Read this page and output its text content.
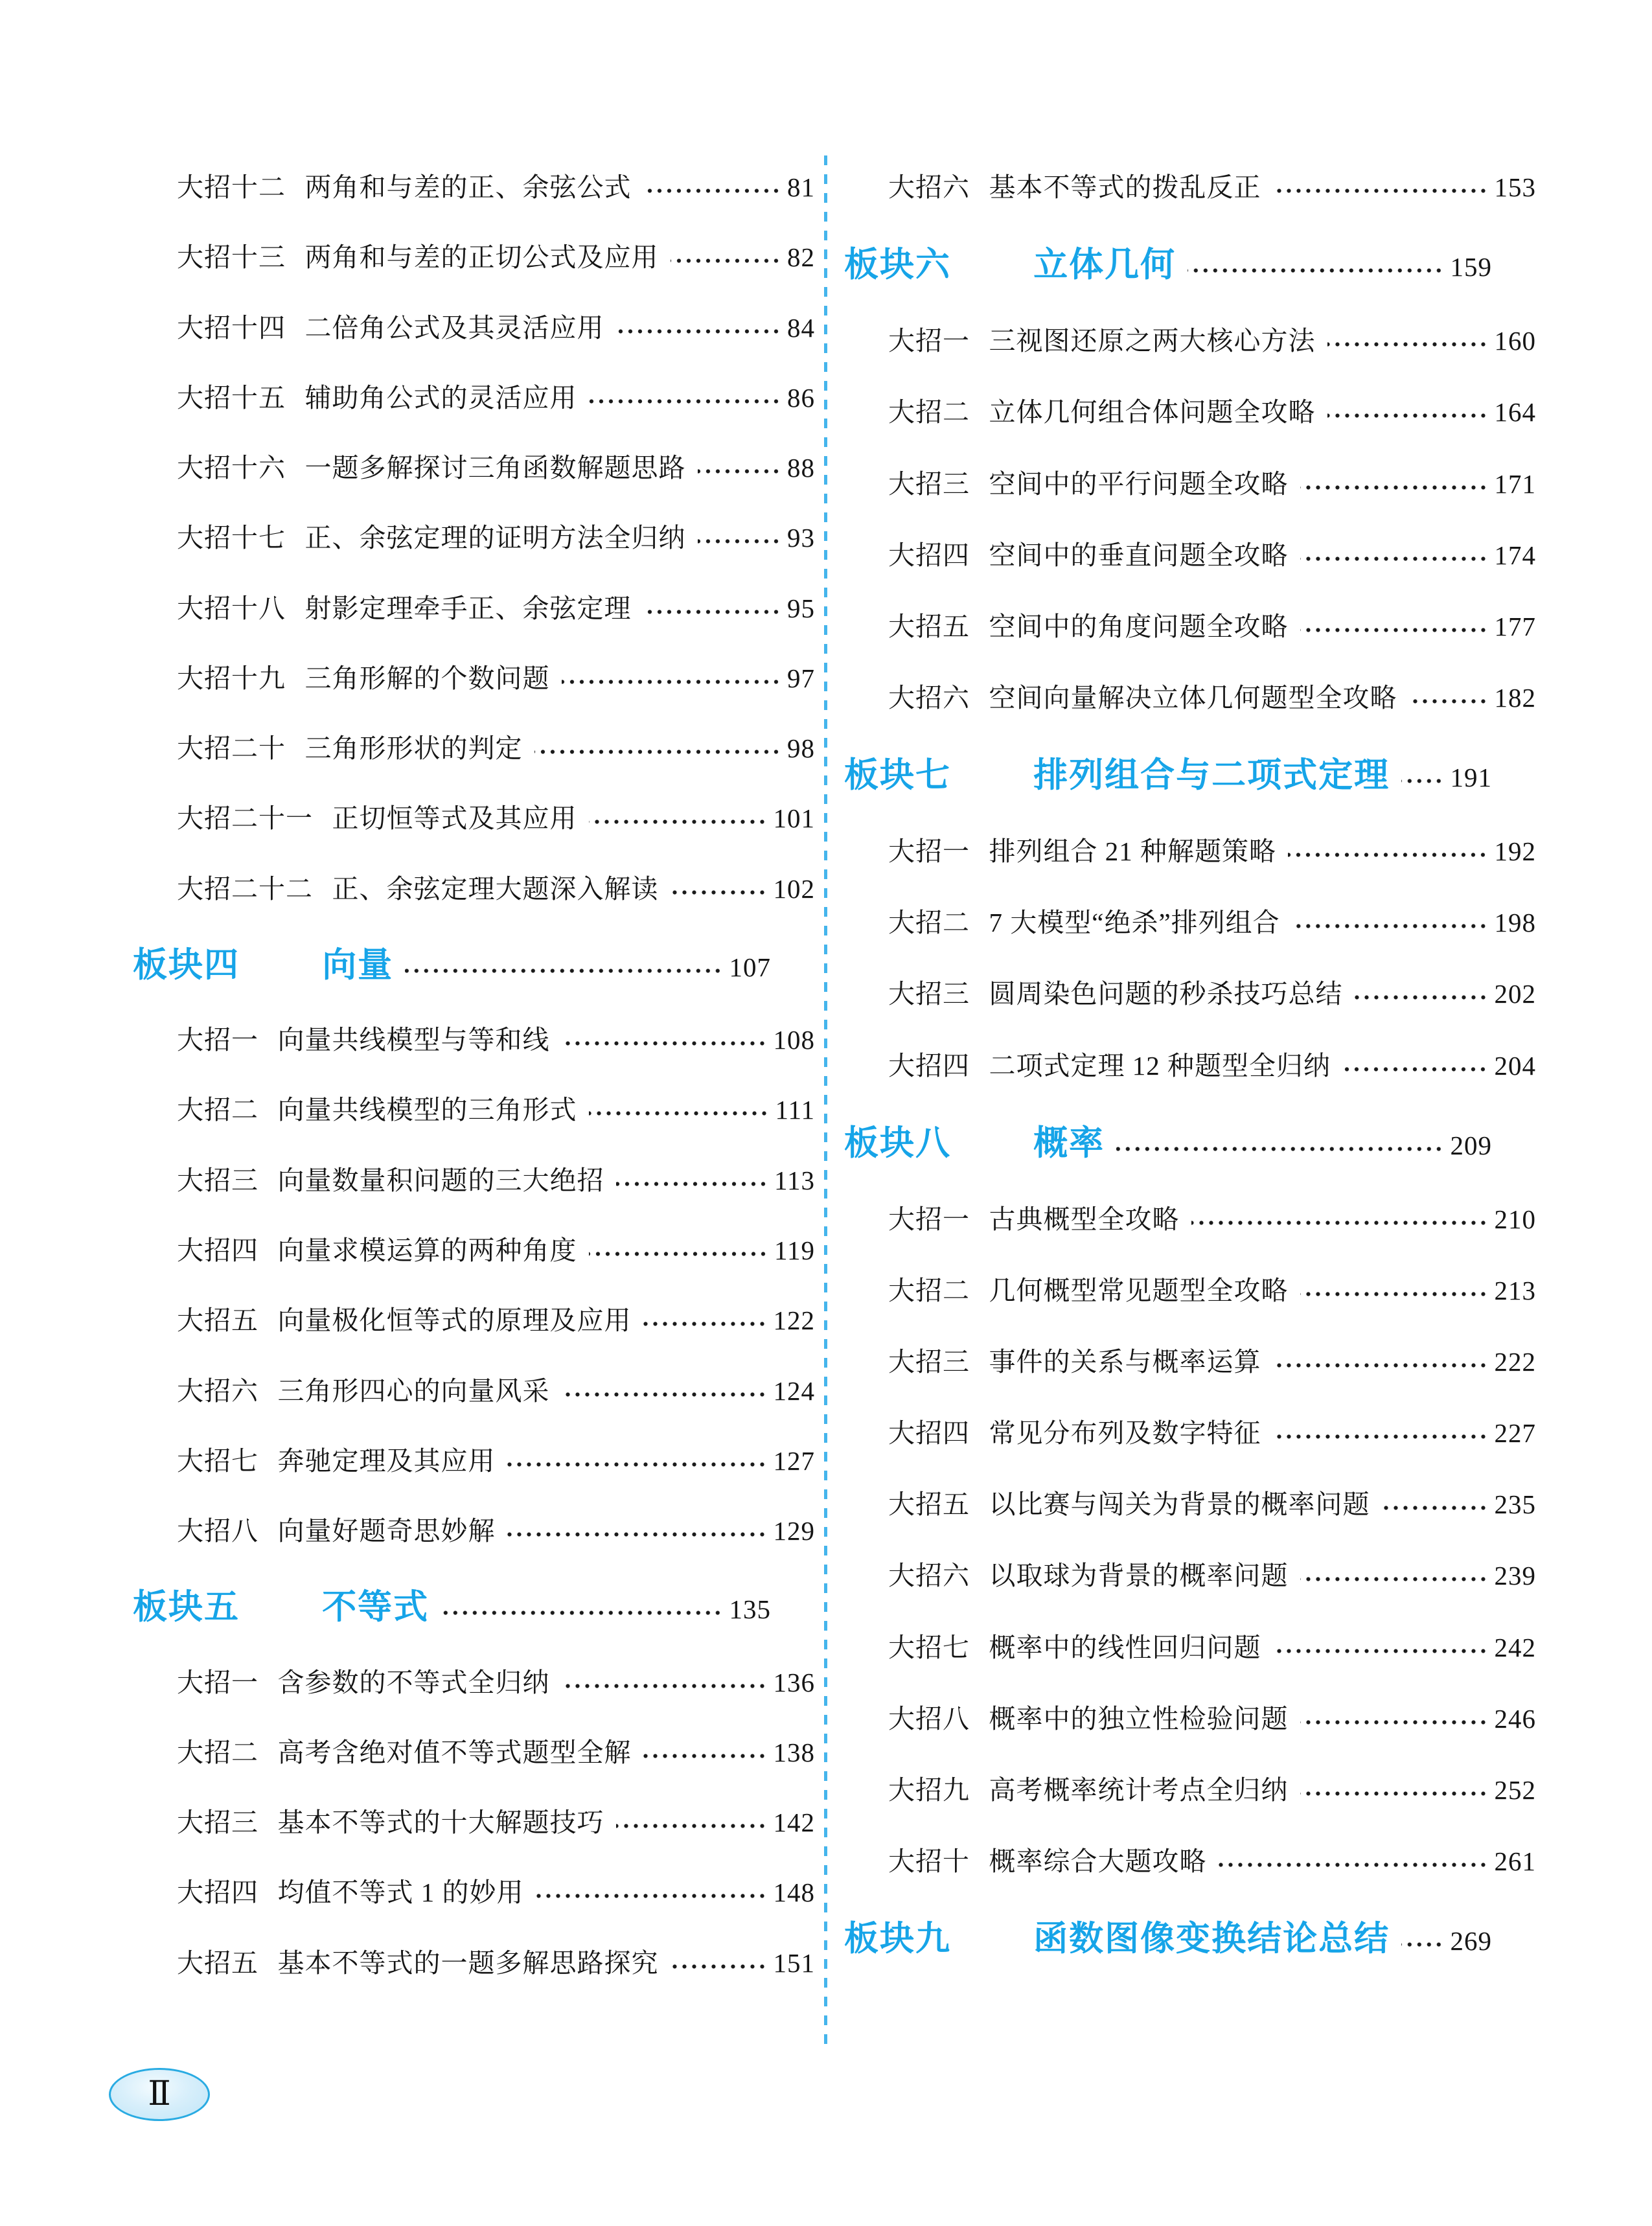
大招十二 两角和与差的正、余弦公式	81
大招十三 两角和与差的正切公式及应用	82
大招十四 二倍角公式及其灵活应用	84
大招十五 辅助角公式的灵活应用	86
大招十六 一题多解探讨三角函数解题思路	88
大招十七 正、余弦定理的证明方法全归纳	93
大招十八 射影定理牵手正、余弦定理	95
大招十九 三角形解的个数问题	97
大招二十 三角形形状的判定	98
大招二十一 正切恒等式及其应用	101
大招二十二 正、余弦定理大题深入解读	102
板块四 向量	107
大招一 向量共线模型与等和线	108
大招二 向量共线模型的三角形式	111
大招三 向量数量积问题的三大绝招	113
大招四 向量求模运算的两种角度	119
大招五 向量极化恒等式的原理及应用	122
大招六 三角形四心的向量风采	124
大招七 奔驰定理及其应用	127
大招八 向量好题奇思妙解	129
板块五 不等式	135
大招一 含参数的不等式全归纳	136
大招二 高考含绝对值不等式题型全解	138
大招三 基本不等式的十大解题技巧	142
大招四 均值不等式 1 的妙用	148
大招五 基本不等式的一题多解思路探究	151
大招六 基本不等式的拨乱反正	153
板块六 立体几何	159
大招一 三视图还原之两大核心方法	160
大招二 立体几何组合体问题全攻略	164
大招三 空间中的平行问题全攻略	171
大招四 空间中的垂直问题全攻略	174
大招五 空间中的角度问题全攻略	177
大招六 空间向量解决立体几何题型全攻略	182
板块七 排列组合与二项式定理 191
大招一 排列组合 21 种解题策略	192
大招二 7 大模型“绝杀”排列组合	198
大招三 圆周染色问题的秒杀技巧总结	202
大招四 二项式定理 12 种题型全归纳	204
板块八 概率	209
大招一 古典概型全攻略	210
大招二 几何概型常见题型全攻略	213
大招三 事件的关系与概率运算	222
大招四 常见分布列及数字特征	227
大招五 以比赛与闯关为背景的概率问题	235
大招六 以取球为背景的概率问题	239
大招七 概率中的线性回归问题	242
大招八 概率中的独立性检验问题	246
大招九 高考概率统计考点全归纳	252
大招十 概率综合大题攻略	261
板块九 函数图像变换结论总结 269
Ⅱ
